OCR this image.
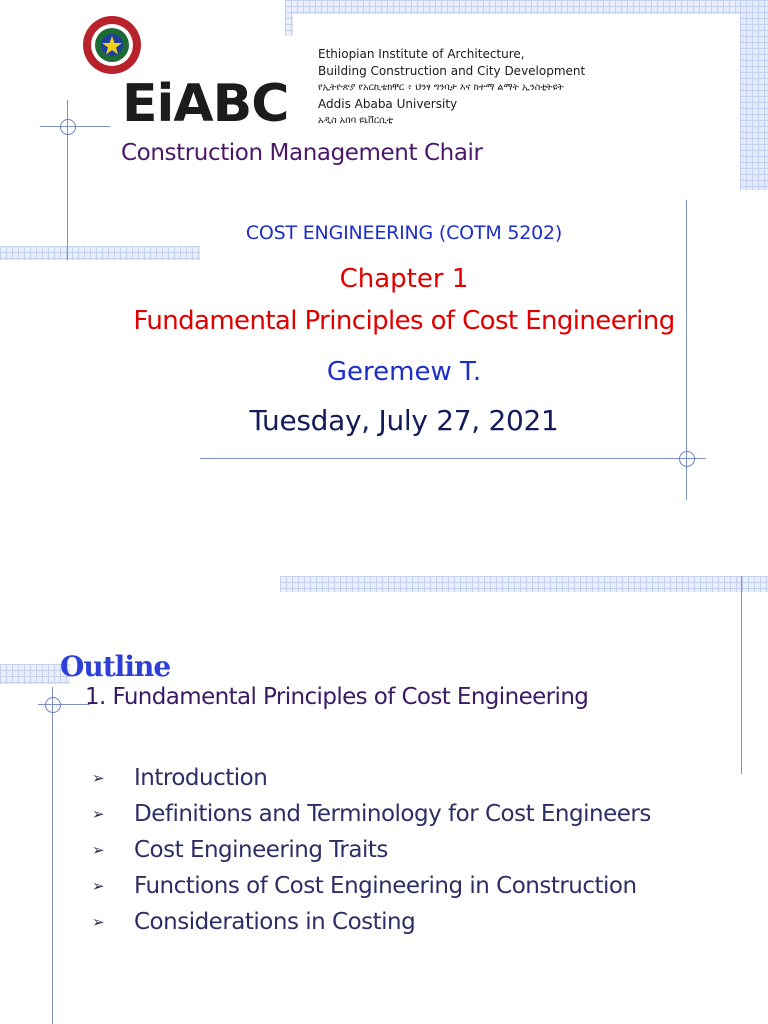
EiABC
Ethiopian Institute of Architecture,
Building Construction and City Development
የኢትዮጵያ የአርኪቴክቸር ፥ ህንፃ ግንባታ እና ከተማ ልማት ኢንስቲትዩት
Addis Ababa University
አዲስ አበባ ዩኒቨርሲቲ
Construction Management Chair
COST ENGINEERING (COTM 5202)
Chapter 1
Fundamental Principles of Cost Engineering
Geremew T.
Tuesday, July 27, 2021
Outline
1. Fundamental Principles of Cost Engineering
➢ Introduction
➢ Definitions and Terminology for Cost Engineers
➢ Cost Engineering Traits
➢ Functions of Cost Engineering in Construction
➢ Considerations in Costing
